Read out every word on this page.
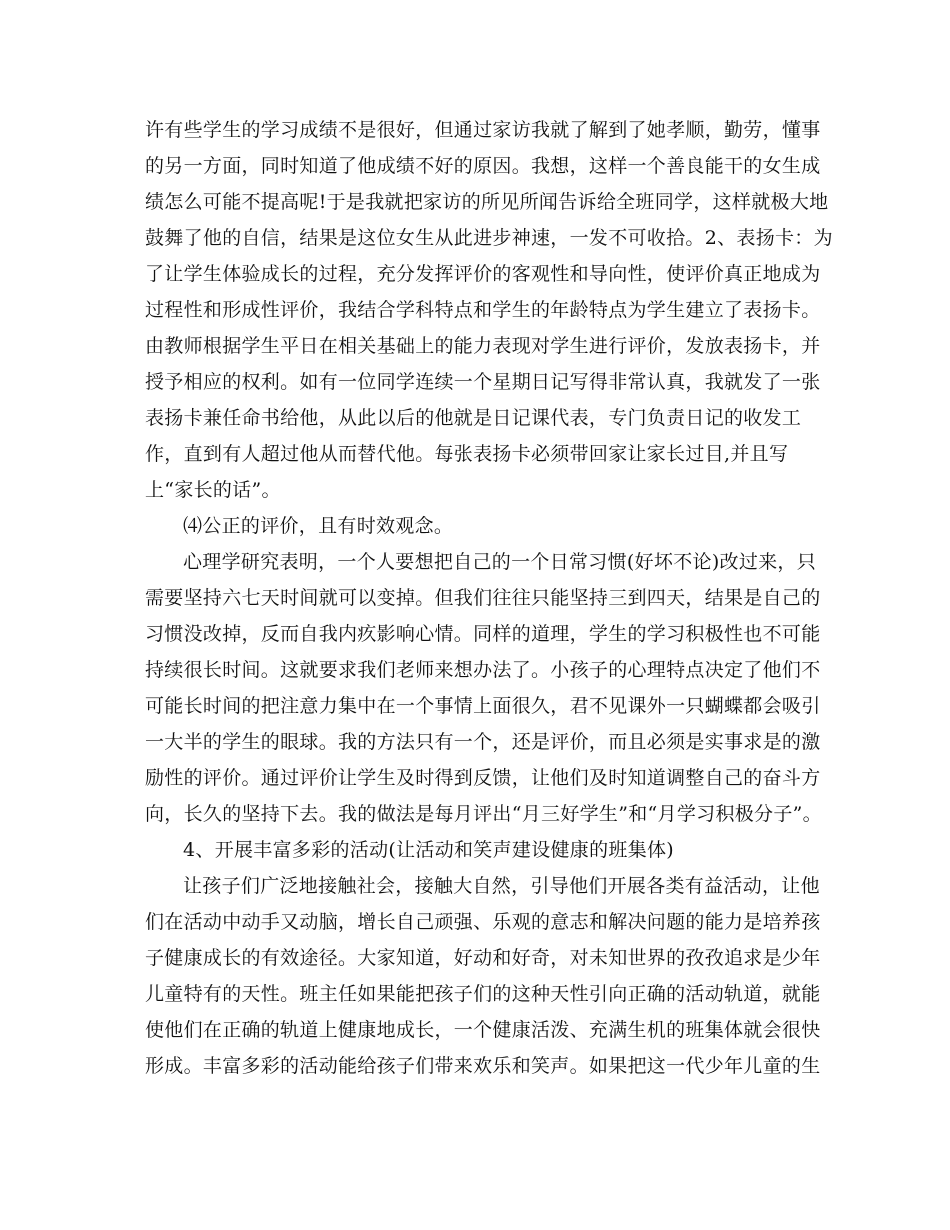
许有些学生的学习成绩不是很好，但通过家访我就了解到了她孝顺，勤劳，懂事
的另一方面，同时知道了他成绩不好的原因。我想，这样一个善良能干的女生成
绩怎么可能不提高呢!于是我就把家访的所见所闻告诉给全班同学，这样就极大地
鼓舞了他的自信，结果是这位女生从此进步神速，一发不可收拾。2、表扬卡：为
了让学生体验成长的过程，充分发挥评价的客观性和导向性，使评价真正地成为
过程性和形成性评价，我结合学科特点和学生的年龄特点为学生建立了表扬卡。
由教师根据学生平日在相关基础上的能力表现对学生进行评价，发放表扬卡，并
授予相应的权利。如有一位同学连续一个星期日记写得非常认真，我就发了一张
表扬卡兼任命书给他，从此以后的他就是日记课代表，专门负责日记的收发工
作，直到有人超过他从而替代他。每张表扬卡必须带回家让家长过目,并且写
上“家长的话”。
⑷公正的评价，且有时效观念。
心理学研究表明，一个人要想把自己的一个日常习惯(好坏不论)改过来，只
需要坚持六七天时间就可以变掉。但我们往往只能坚持三到四天，结果是自己的
习惯没改掉，反而自我内疚影响心情。同样的道理，学生的学习积极性也不可能
持续很长时间。这就要求我们老师来想办法了。小孩子的心理特点决定了他们不
可能长时间的把注意力集中在一个事情上面很久，君不见课外一只蝴蝶都会吸引
一大半的学生的眼球。我的方法只有一个，还是评价，而且必须是实事求是的激
励性的评价。通过评价让学生及时得到反馈，让他们及时知道调整自己的奋斗方
向，长久的坚持下去。我的做法是每月评出“月三好学生”和“月学习积极分子”。
4、开展丰富多彩的活动(让活动和笑声建设健康的班集体)
让孩子们广泛地接触社会，接触大自然，引导他们开展各类有益活动，让他
们在活动中动手又动脑，增长自己顽强、乐观的意志和解决问题的能力是培养孩
子健康成长的有效途径。大家知道，好动和好奇，对未知世界的孜孜追求是少年
儿童特有的天性。班主任如果能把孩子们的这种天性引向正确的活动轨道，就能
使他们在正确的轨道上健康地成长，一个健康活泼、充满生机的班集体就会很快
形成。丰富多彩的活动能给孩子们带来欢乐和笑声。如果把这一代少年儿童的生
